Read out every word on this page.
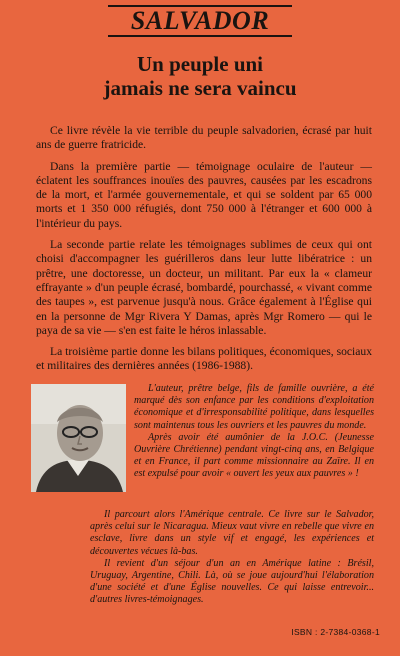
SALVADOR
Un peuple uni
jamais ne sera vaincu

Ce livre révèle la vie terrible du peuple salvadorien, écrasé par huit ans de guerre fratricide.

Dans la première partie — témoignage oculaire de l'auteur — éclatent les souffrances inouïes des pauvres, causées par les escadrons de la mort, et l'armée gouvernementale, et qui se soldent par 65 000 morts et 1 350 000 réfugiés, dont 750 000 à l'étranger et 600 000 à l'intérieur du pays.

La seconde partie relate les témoignages sublimes de ceux qui ont choisi d'accompagner les guérilleros dans leur lutte libératrice : un prêtre, une doctoresse, un docteur, un militant. Par eux la « clameur effrayante » d'un peuple écrasé, bombardé, pourchassé, « vivant comme des taupes », est parvenue jusqu'à nous. Grâce également à l'Église qui en la personne de Mgr Rivera Y Damas, après Mgr Romero — qui le paya de sa vie — s'en est faite le héros inlassable.

La troisième partie donne les bilans politiques, économiques, sociaux et militaires des dernières années (1986-1988).

L'auteur, prêtre belge, fils de famille ouvrière, a été marqué dès son enfance par les conditions d'exploitation économique et d'irresponsabilité politique, dans lesquelles sont maintenus tous les ouvriers et les pauvres du monde.

Après avoir été aumônier de la J.O.C. (Jeunesse Ouvrière Chrétienne) pendant vingt-cinq ans, en Belgique et en France, il part comme missionnaire au Zaïre. Il en est expulsé pour avoir « ouvert les yeux aux pauvres » !

Il parcourt alors l'Amérique centrale. Ce livre sur le Salvador, après celui sur le Nicaragua. Mieux vaut vivre en rebelle que vivre en esclave, livre dans un style vif et engagé, les expériences et découvertes vécues là-bas.

Il revient d'un séjour d'un an en Amérique latine : Brésil, Uruguay, Argentine, Chili. Là, où se joue aujourd'hui l'élaboration d'une société et d'une Église nouvelles. Ce qui laisse entrevoir... d'autres livres-témoignages.

ISBN : 2-7384-0368-1
